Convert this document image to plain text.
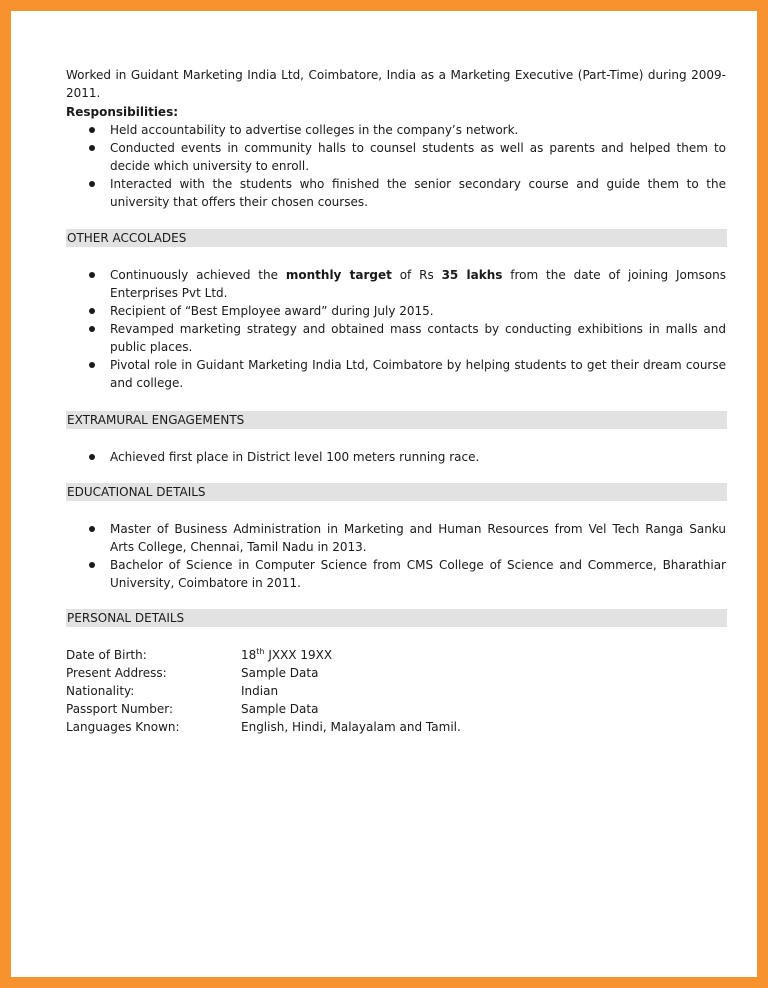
Worked in Guidant Marketing India Ltd, Coimbatore, India as a Marketing Executive (Part-Time) during 2009-2011.

Responsibilities:

Held accountability to advertise colleges in the company’s network.
Conducted events in community halls to counsel students as well as parents and helped them to decide which university to enroll.
Interacted with the students who finished the senior secondary course and guide them to the university that offers their chosen courses.
OTHER ACCOLADES
Continuously achieved the monthly target of Rs 35 lakhs from the date of joining Jomsons Enterprises Pvt Ltd.
Recipient of “Best Employee award” during July 2015.
Revamped marketing strategy and obtained mass contacts by conducting exhibitions in malls and public places.
Pivotal role in Guidant Marketing India Ltd, Coimbatore by helping students to get their dream course and college.
EXTRAMURAL ENGAGEMENTS
Achieved first place in District level 100 meters running race.
EDUCATIONAL DETAILS
Master of Business Administration in Marketing and Human Resources from Vel Tech Ranga Sanku Arts College, Chennai, Tamil Nadu in 2013.
Bachelor of Science in Computer Science from CMS College of Science and Commerce, Bharathiar University, Coimbatore in 2011.
PERSONAL DETAILS
Date of Birth:	18th JXXX 19XX
Present Address:	Sample Data
Nationality:	Indian
Passport Number:	Sample Data
Languages Known:	English, Hindi, Malayalam and Tamil.
